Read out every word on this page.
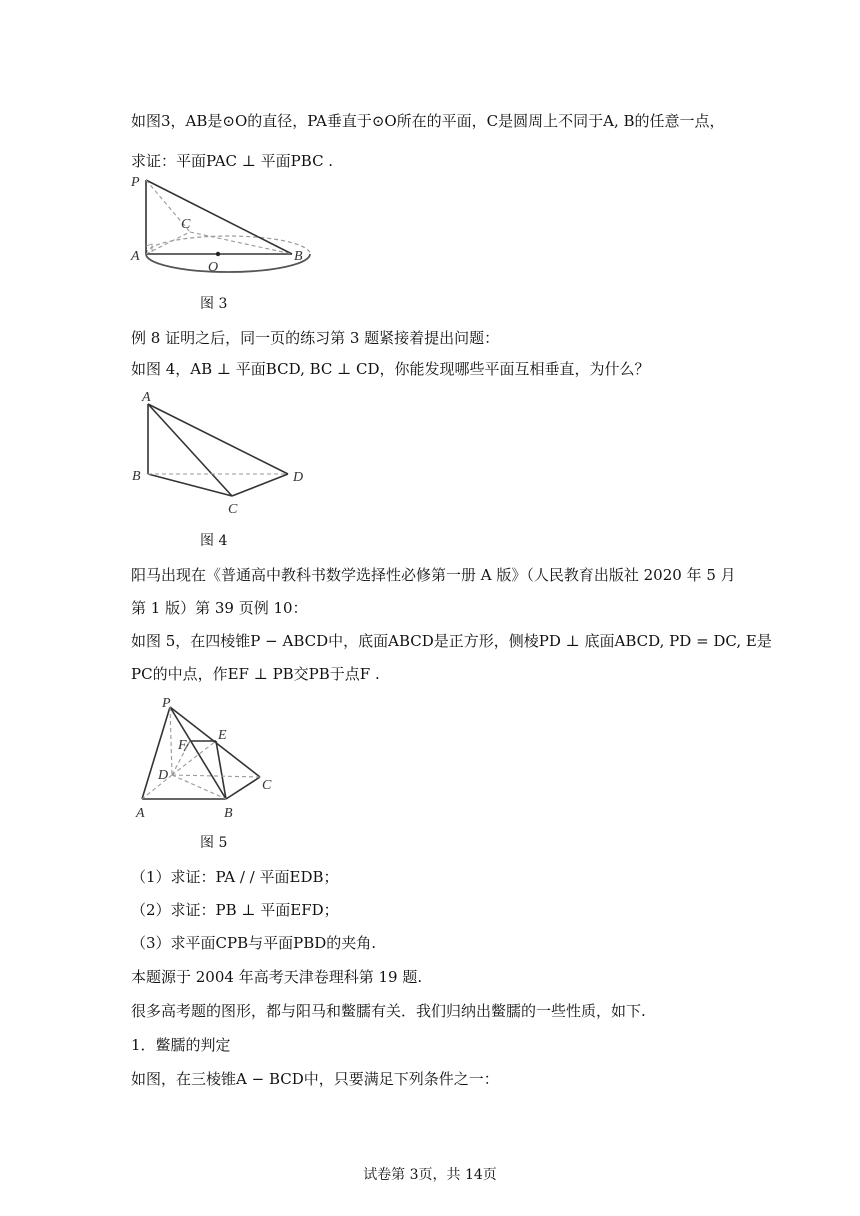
如图3，AB是⊙O的直径，PA垂直于⊙O所在的平面，C是圆周上不同于A, B的任意一点，
求证：平面PAC ⊥ 平面PBC .
P
A	B
C
O
图 3
例 8 证明之后，同一页的练习第 3 题紧接着提出问题：
如图 4，AB ⊥ 平面BCD, BC ⊥ CD，你能发现哪些平面互相垂直，为什么？
A
B
C
D
图 4
阳马出现在《普通高中教科书数学选择性必修第一册 A 版》（人民教育出版社 2020 年 5 月
第 1 版）第 39 页例 10：
如图 5，在四棱锥P − ABCD中，底面ABCD是正方形，侧棱PD ⊥ 底面ABCD, PD = DC, E是
PC的中点，作EF ⊥ PB交PB于点F .
P
F
E
D
C
A	B
图 5
（1）求证：PA / / 平面EDB；
（2）求证：PB ⊥ 平面EFD；
（3）求平面CPB与平面PBD的夹角.
本题源于 2004 年高考天津卷理科第 19 题.
很多高考题的图形，都与阳马和鳖臑有关．我们归纳出鳖臑的一些性质，如下.
1．鳖臑的判定
如图，在三棱锥A − BCD中，只要满足下列条件之一：
试卷第 3页，共 14页
